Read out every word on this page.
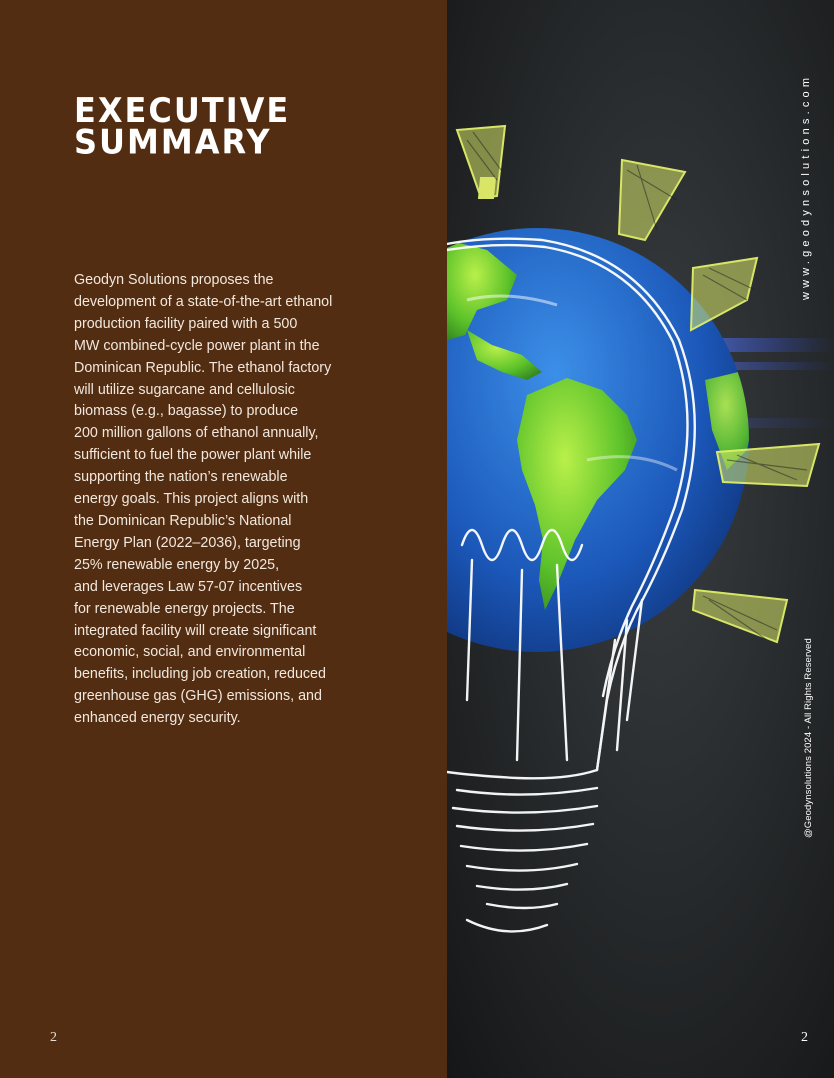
EXECUTIVE
SUMMARY

Geodyn Solutions proposes the
development of a state-of-the-art ethanol
production facility paired with a 500
MW combined-cycle power plant in the
Dominican Republic. The ethanol factory
will utilize sugarcane and cellulosic
biomass (e.g., bagasse) to produce
200 million gallons of ethanol annually,
sufficient to fuel the power plant while
supporting the nation’s renewable
energy goals. This project aligns with
the Dominican Republic’s National
Energy Plan (2022–2036), targeting
25% renewable energy by 2025,
and leverages Law 57-07 incentives
for renewable energy projects. The
integrated facility will create significant
economic, social, and environmental
benefits, including job creation, reduced
greenhouse gas (GHG) emissions, and
enhanced energy security.

2
www.geodynsolutions.com
@Geodynsolutions 2024 - All Rights Reserved
2
